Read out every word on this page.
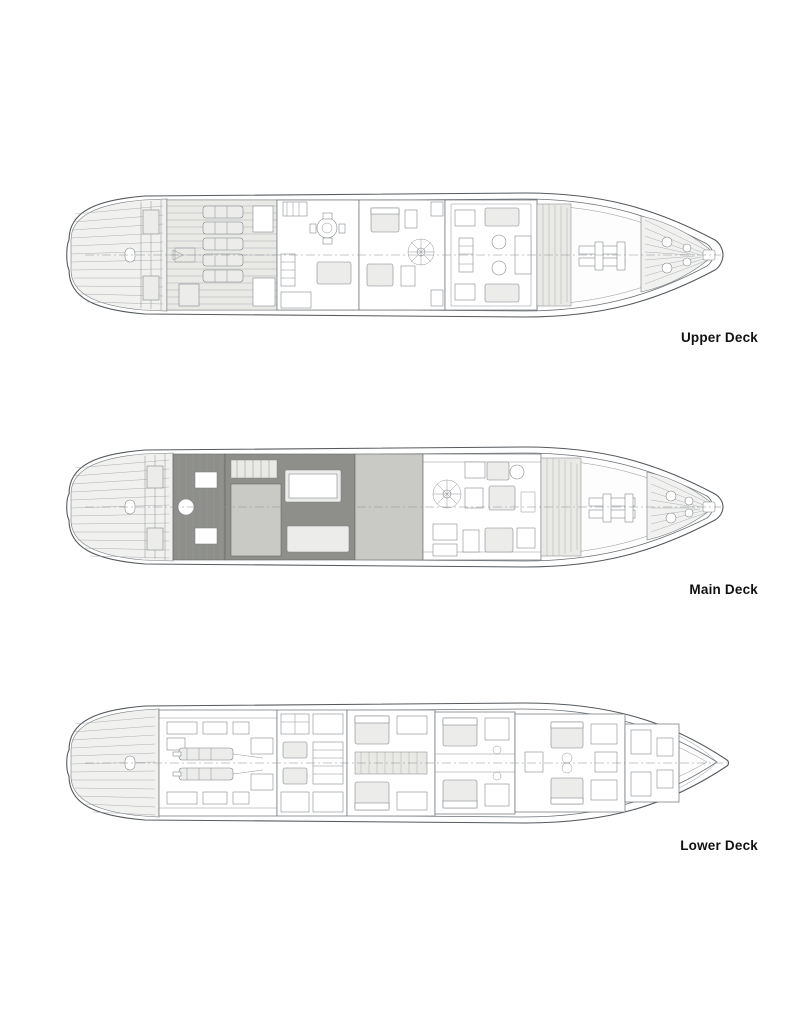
Upper Deck
Main Deck
Lower Deck
